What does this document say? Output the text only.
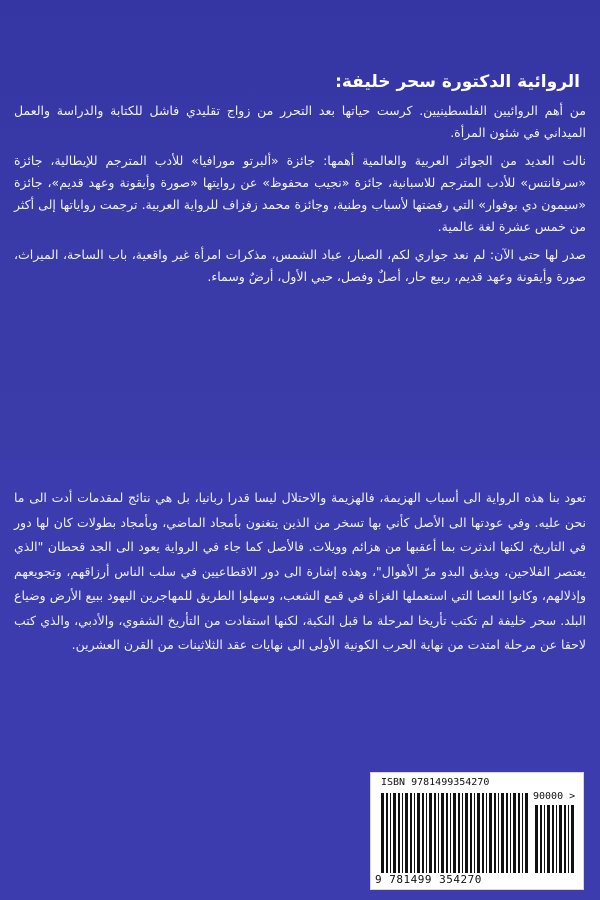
الروائية الدكتورة سحر خليفة:

من أهم الروائيين الفلسطينيين. كرست حياتها بعد التحرر من زواج تقليدي فاشل للكتابة والدراسة والعمل الميداني في شئون المرأة.

نالت العديد من الجوائز العربية والعالمية أهمها: جائزة «ألبرتو مورافيا» للأدب المترجم للإيطالية، جائزة «سرفانتس» للأدب المترجم للاسبانية، جائزة «نجيب محفوظ» عن روايتها «صورة وأيقونة وعهد قديم»، جائزة «سيمون دي بوفوار» التي رفضتها لأسباب وطنية، وجائزة محمد زفزاف للرواية العربية. ترجمت رواياتها إلى أكثر من خمس عشرة لغة عالمية.

صدر لها حتى الآن: لم نعد جواري لكم، الصبار، عباد الشمس، مذكرات امرأة غير واقعية، باب الساحة، الميراث، صورة وأيقونة وعهد قديم، ربيع حار، أصلٌ وفصل، حبي الأول، أرضٌ وسماء.

تعود بنا هذه الرواية الى أسباب الهزيمة، فالهزيمة والاحتلال ليسا قدرا ربانيا، بل هي نتائج لمقدمات أدت الى ما نحن عليه. وفي عودتها الى الأصل كأني بها تسخر من الذين يتغنون بأمجاد الماضي، وبأمجاد بطولات كان لها دور في التاريخ، لكنها اندثرت بما أعقبها من هزائم وويلات. فالأصل كما جاء في الرواية يعود الى الجد قحطان "الذي يعتصر الفلاحين، ويذيق البدو مرّ الأهوال"، وهذه إشارة الى دور الاقطاعيين في سلب الناس أرزاقهم، وتجويعهم وإذلالهم، وكانوا العصا التي استعملها الغزاة في قمع الشعب، وسهلوا الطريق للمهاجرين اليهود ببيع الأرض وضياع البلد. سحر خليفة لم تكتب تأريخا لمرحلة ما قبل النكبة، لكنها استفادت من التأريخ الشفوي، والأدبي، والذي كتب لاحقا عن مرحلة امتدت من نهاية الحرب الكونية الأولى الى نهايات عقد الثلاثينات من القرن العشرين.

ISBN 9781499354270
90000 >
9 781499 354270
